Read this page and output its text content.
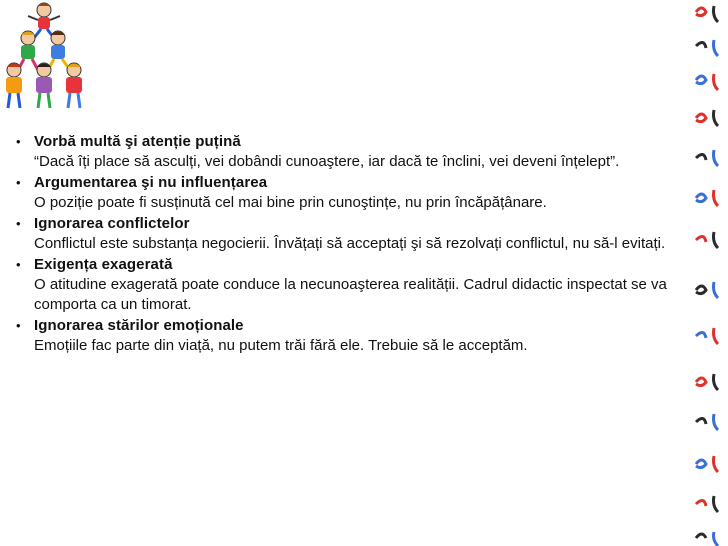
• Vorbă multă şi atenție puțină
“Dacă îți place să asculți, vei dobândi cunoaştere, iar dacă te înclini, vei deveni înțelept”.
• Argumentarea şi nu influențarea
O poziție poate fi susținută cel mai bine prin cunoştințe, nu prin încăpățânare.
• Ignorarea conflictelor
Conflictul este substanța negocierii. Învățați să acceptați şi să rezolvați conflictul, nu să-l evitați.
• Exigența exagerată
O atitudine exagerată poate conduce la necunoaşterea realității. Cadrul didactic inspectat se va comporta ca un timorat.
• Ignorarea stărilor emoționale
Emoțiile fac parte din viață, nu putem trăi fără ele. Trebuie să le acceptăm.
